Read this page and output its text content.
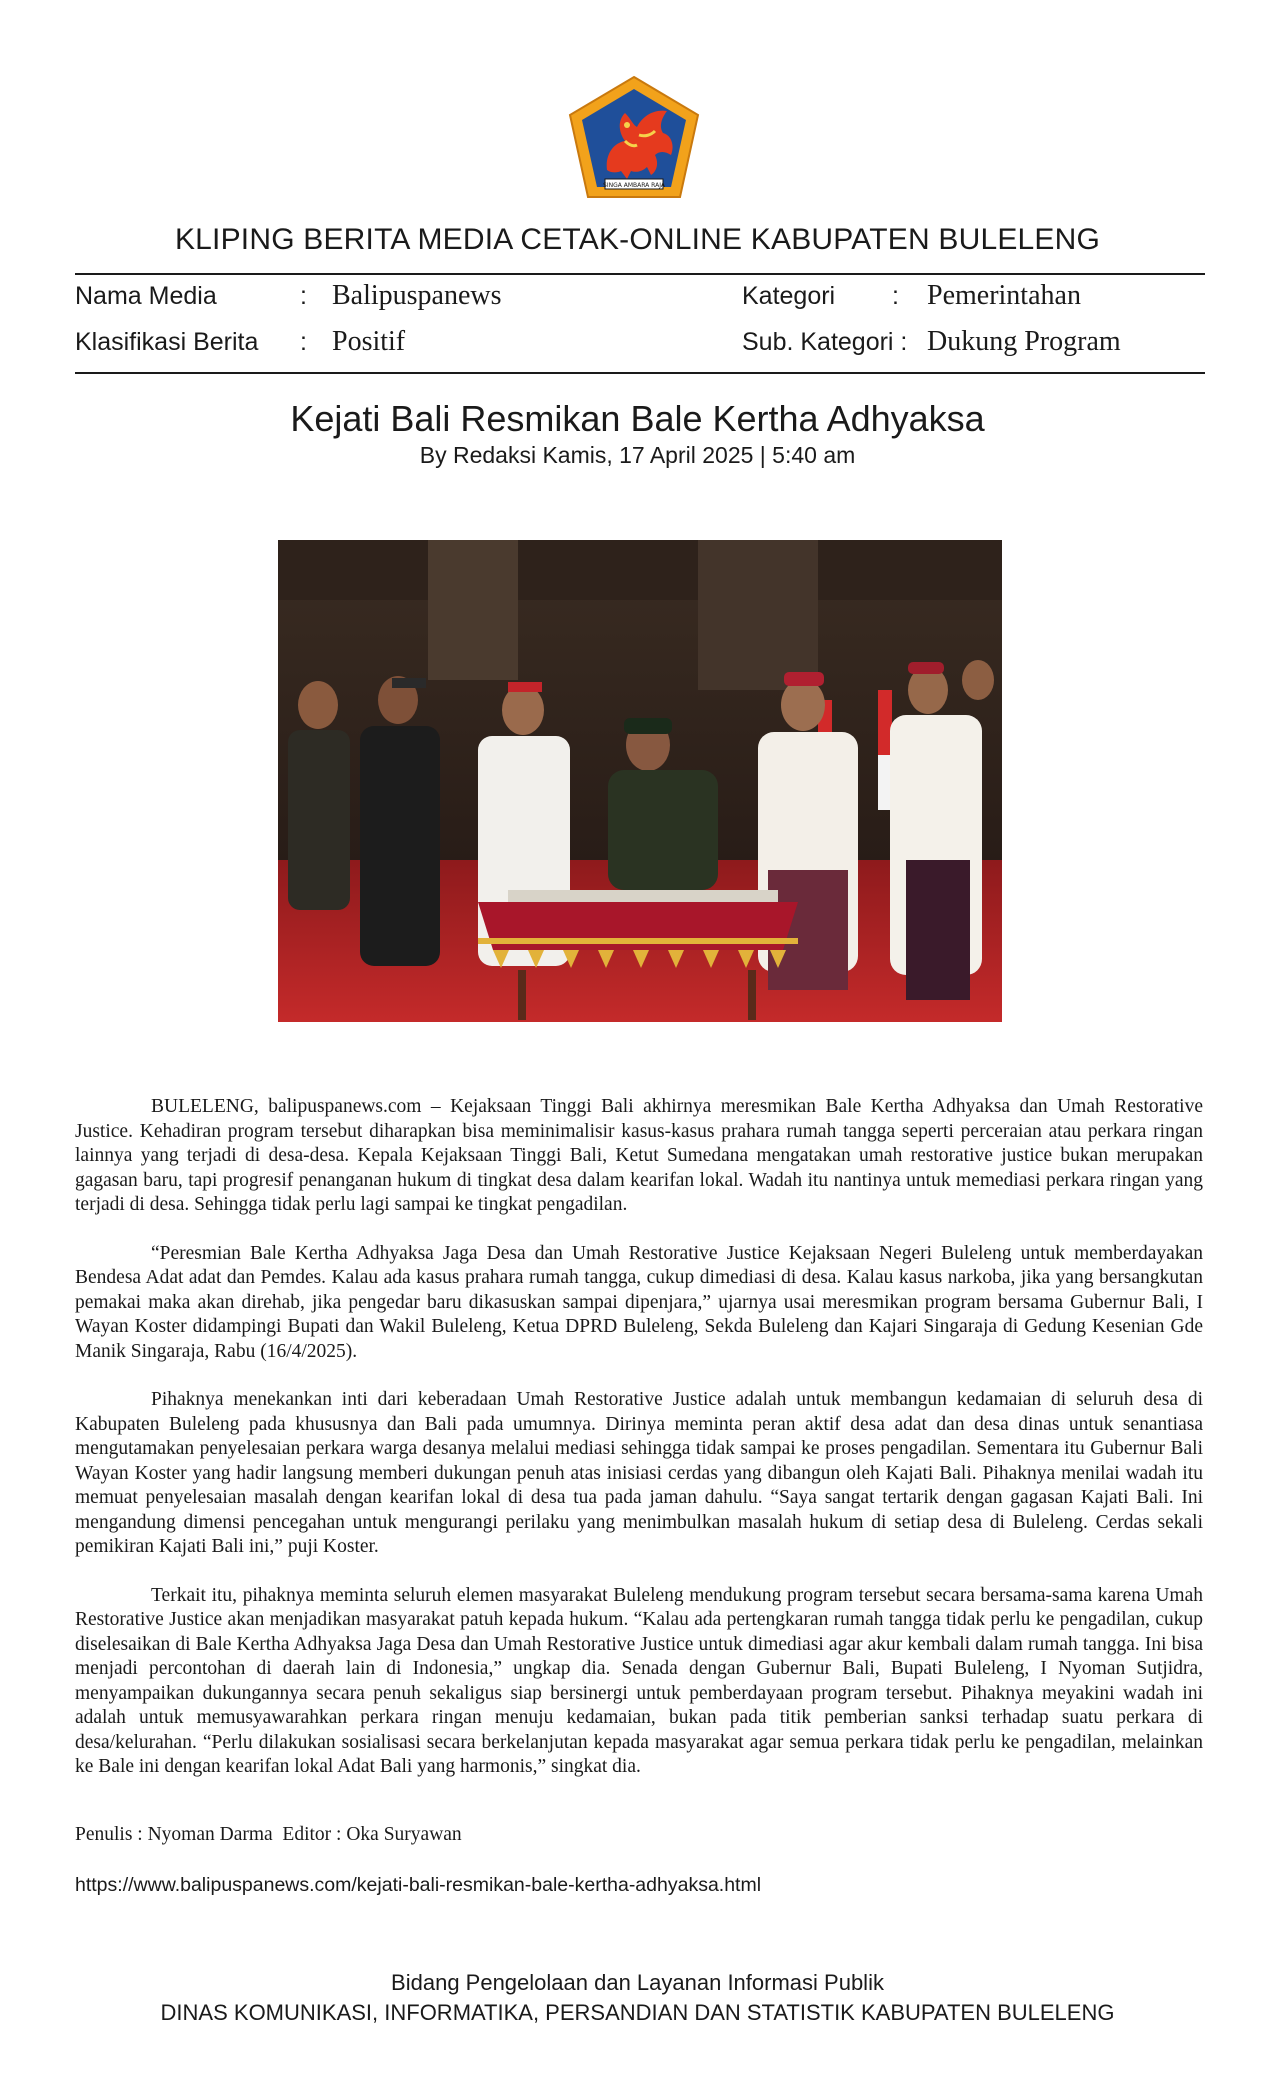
SINGA AMBARA RAJA
KLIPING BERITA MEDIA CETAK-ONLINE KABUPATEN BULELENG
Nama Media	: Balipuspanews	Kategori : Pemerintahan
Klasifikasi Berita : Positif	Sub. Kategori : Dukung Program
Kejati Bali Resmikan Bale Kertha Adhyaksa
By Redaksi Kamis, 17 April 2025 | 5:40 am

BULELENG, balipuspanews.com – Kejaksaan Tinggi Bali akhirnya meresmikan Bale Kertha Adhyaksa dan Umah Restorative Justice. Kehadiran program tersebut diharapkan bisa meminimalisir kasus-kasus prahara rumah tangga seperti perceraian atau perkara ringan lainnya yang terjadi di desa-desa. Kepala Kejaksaan Tinggi Bali, Ketut Sumedana mengatakan umah restorative justice bukan merupakan gagasan baru, tapi progresif penanganan hukum di tingkat desa dalam kearifan lokal. Wadah itu nantinya untuk memediasi perkara ringan yang terjadi di desa. Sehingga tidak perlu lagi sampai ke tingkat pengadilan.

“Peresmian Bale Kertha Adhyaksa Jaga Desa dan Umah Restorative Justice Kejaksaan Negeri Buleleng untuk memberdayakan Bendesa Adat adat dan Pemdes. Kalau ada kasus prahara rumah tangga, cukup dimediasi di desa. Kalau kasus narkoba, jika yang bersangkutan pemakai maka akan direhab, jika pengedar baru dikasuskan sampai dipenjara,” ujarnya usai meresmikan program bersama Gubernur Bali, I Wayan Koster didampingi Bupati dan Wakil Buleleng, Ketua DPRD Buleleng, Sekda Buleleng dan Kajari Singaraja di Gedung Kesenian Gde Manik Singaraja, Rabu (16/4/2025).

Pihaknya menekankan inti dari keberadaan Umah Restorative Justice adalah untuk membangun kedamaian di seluruh desa di Kabupaten Buleleng pada khususnya dan Bali pada umumnya. Dirinya meminta peran aktif desa adat dan desa dinas untuk senantiasa mengutamakan penyelesaian perkara warga desanya melalui mediasi sehingga tidak sampai ke proses pengadilan. Sementara itu Gubernur Bali Wayan Koster yang hadir langsung memberi dukungan penuh atas inisiasi cerdas yang dibangun oleh Kajati Bali. Pihaknya menilai wadah itu memuat penyelesaian masalah dengan kearifan lokal di desa tua pada jaman dahulu. “Saya sangat tertarik dengan gagasan Kajati Bali. Ini mengandung dimensi pencegahan untuk mengurangi perilaku yang menimbulkan masalah hukum di setiap desa di Buleleng. Cerdas sekali pemikiran Kajati Bali ini,” puji Koster.

Terkait itu, pihaknya meminta seluruh elemen masyarakat Buleleng mendukung program tersebut secara bersama-sama karena Umah Restorative Justice akan menjadikan masyarakat patuh kepada hukum. “Kalau ada pertengkaran rumah tangga tidak perlu ke pengadilan, cukup diselesaikan di Bale Kertha Adhyaksa Jaga Desa dan Umah Restorative Justice untuk dimediasi agar akur kembali dalam rumah tangga. Ini bisa menjadi percontohan di daerah lain di Indonesia,” ungkap dia. Senada dengan Gubernur Bali, Bupati Buleleng, I Nyoman Sutjidra, menyampaikan dukungannya secara penuh sekaligus siap bersinergi untuk pemberdayaan program tersebut. Pihaknya meyakini wadah ini adalah untuk memusyawarahkan perkara ringan menuju kedamaian, bukan pada titik pemberian sanksi terhadap suatu perkara di desa/kelurahan. “Perlu dilakukan sosialisasi secara berkelanjutan kepada masyarakat agar semua perkara tidak perlu ke pengadilan, melainkan ke Bale ini dengan kearifan lokal Adat Bali yang harmonis,” singkat dia.

Penulis : Nyoman Darma  Editor : Oka Suryawan
https://www.balipuspanews.com/kejati-bali-resmikan-bale-kertha-adhyaksa.html
Bidang Pengelolaan dan Layanan Informasi Publik
DINAS KOMUNIKASI, INFORMATIKA, PERSANDIAN DAN STATISTIK KABUPATEN BULELENG
